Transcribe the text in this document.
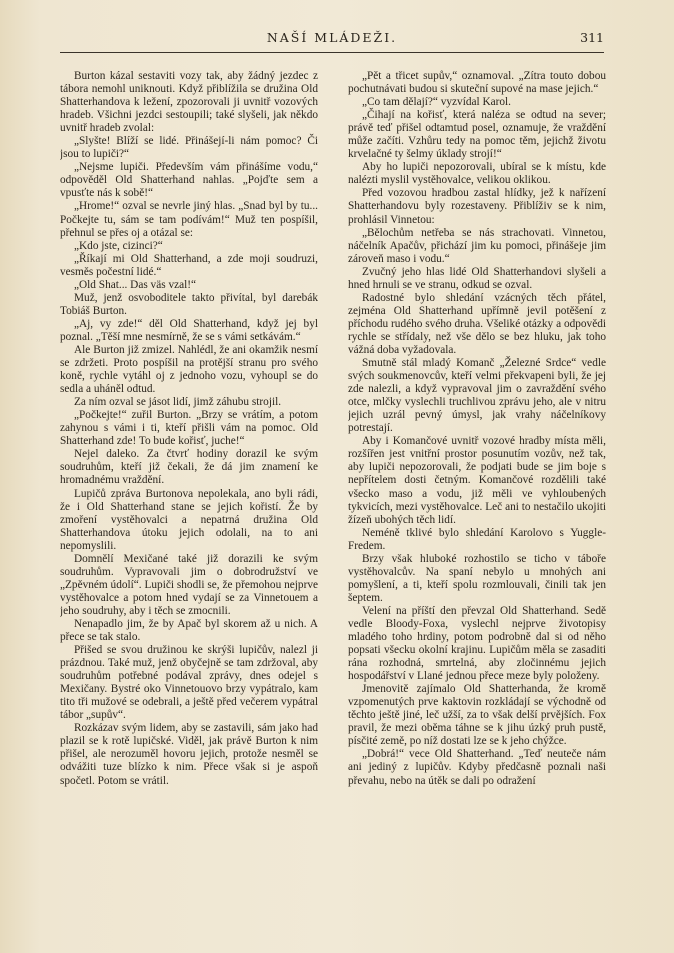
NAŠÍ MLÁDEŽI.	311

Burton kázal sestaviti vozy tak, aby žádný jezdec z tábora nemohl uniknouti. Když přiblížila se družina Old Shatterhandova k ležení, zpozorovali ji uvnitř vozových hradeb. Všichni jezdci sestoupili; také slyšeli, jak někdo uvnitř hradeb zvolal:

„Slyšte! Blíží se lidé. Přinášejí-li nám pomoc? Či jsou to lupiči?“

„Nejsme lupiči. Především vám přinášíme vodu,“ odpověděl Old Shatterhand nahlas. „Pojďte sem a vpusťte nás k sobě!“

„Hrome!“ ozval se nevrle jiný hlas. „Snad byl by tu... Počkejte tu, sám se tam podívám!“ Muž ten pospíšil, přehnul se přes oj a otázal se:

„Kdo jste, cizinci?“

„Říkají mi Old Shatterhand, a zde moji soudruzi, vesměs počestní lidé.“

„Old Shat... Das väs vzal!“

Muž, jenž osvoboditele takto přivítal, byl darebák Tobiáš Burton.

„Aj, vy zde!“ děl Old Shatterhand, když jej byl poznal. „Těší mne nesmírně, že se s vámi setkávám.“

Ale Burton již zmizel. Nahlédl, že ani okamžik nesmí se zdržeti. Proto pospíšil na protější stranu pro svého koně, rychle vytáhl oj z jednoho vozu, vyhoupl se do sedla a uháněl odtud.

Za ním ozval se jásot lidí, jimž záhubu strojil.

„Počkejte!“ zuřil Burton. „Brzy se vrátím, a potom zahynou s vámi i ti, kteří přišli vám na pomoc. Old Shatterhand zde! To bude kořisť, juche!“

Nejel daleko. Za čtvrť hodiny dorazil ke svým soudruhům, kteří již čekali, že dá jim znamení ke hromadnému vraždění.

Lupičů zpráva Burtonova nepolekala, ano byli rádi, že i Old Shatterhand stane se jejich kořistí. Že by zmoření vystěhovalci a nepatrná družina Old Shatterhandova útoku jejich odolali, na to ani nepomyslili.

Domnělí Mexičané také již dorazili ke svým soudruhům. Vypravovali jim o dobrodružství ve „Zpěvném údolí“. Lupiči shodli se, že přemohou nejprve vystěhovalce a potom hned vydají se za Vinnetouem a jeho soudruhy, aby i těch se zmocnili.

Nenapadlo jim, že by Apač byl skorem až u nich. A přece se tak stalo.

Přišed se svou družinou ke skrýši lupičův, nalezl ji prázdnou. Také muž, jenž obyčejně se tam zdržoval, aby soudruhům potřebné podával zprávy, dnes odejel s Mexičany. Bystré oko Vinnetouovo brzy vypátralo, kam tito tři mužové se odebrali, a ještě před večerem vypátral tábor „supův“.

Rozkázav svým lidem, aby se zastavili, sám jako had plazil se k rotě lupičské. Viděl, jak právě Burton k nim přišel, ale nerozuměl hovoru jejich, protože nesměl se odvážiti tuze blízko k nim. Přece však si je aspoň spočetl. Potom se vrátil.

„Pět a třicet supův,“ oznamoval. „Zítra touto dobou pochutnávati budou si skuteční supové na mase jejich.“

„Co tam dělají?“ vyzvídal Karol.

„Čihají na kořisť, která naléza se odtud na sever; právě teď přišel odtamtud posel, oznamuje, že vraždění může začíti. Vzhůru tedy na pomoc těm, jejichž životu krvelačné ty šelmy úklady strojí!“

Aby ho lupiči nepozorovali, ubíral se k místu, kde nalézti myslil vystěhovalce, velikou oklikou.

Před vozovou hradbou zastal hlídky, jež k nařízení Shatterhandovu byly rozestaveny. Přiblíživ se k nim, prohlásil Vinnetou:

„Bělochům netřeba se nás strachovati. Vinnetou, náčelník Apačův, přichází jim ku pomoci, přinášeje jim zároveň maso i vodu.“

Zvučný jeho hlas lidé Old Shatterhandovi slyšeli a hned hrnuli se ve stranu, odkud se ozval.

Radostné bylo shledání vzácných těch přátel, zejména Old Shatterhand upřímně jevil potěšení z příchodu rudého svého druha. Všeliké otázky a odpovědi rychle se střídaly, než vše dělo se bez hluku, jak toho vážná doba vyžadovala.

Smutně stál mladý Komanč „Železné Srdce“ vedle svých soukmenovcův, kteří velmi překvapeni byli, že jej zde nalezli, a když vypravoval jim o zavraždění svého otce, mlčky vyslechli truchlivou zprávu jeho, ale v nitru jejich uzrál pevný úmysl, jak vrahy náčelníkovy potrestají.

Aby i Komančové uvnitř vozové hradby místa měli, rozšířen jest vnitřní prostor posunutím vozův, než tak, aby lupiči nepozorovali, že podjati bude se jim boje s nepřítelem dosti četným. Komančové rozdělili také všecko maso a vodu, již měli ve vyhloubených tykvicích, mezi vystěhovalce. Leč ani to nestačilo ukojiti žízeň ubohých těch lidí.

Neméně tklivé bylo shledání Karolovo s Yuggle-Fredem.

Brzy však hluboké rozhostilo se ticho v táboře vystěhovalcův. Na spaní nebylo u mnohých ani pomyšlení, a ti, kteří spolu rozmlouvali, činili tak jen šeptem.

Velení na příští den převzal Old Shatterhand. Sedě vedle Bloody-Foxa, vyslechl nejprve životopisy mladého toho hrdiny, potom podrobně dal si od něho popsati všecku okolní krajinu. Lupičům měla se zasaditi rána rozhodná, smrtelná, aby zločinnému jejich hospodářství v Llané jednou přece meze byly položeny.

Jmenovitě zajímalo Old Shatterhanda, že kromě vzpomenutých prve kaktovin rozkládají se východně od těchto ještě jiné, leč užší, za to však delší prvějších. Fox pravil, že mezi oběma táhne se k jihu úzký pruh pustě, písčité země, po níž dostati lze se k jeho chýžce.

„Dobrá!“ vece Old Shatterhand. „Teď neuteče nám ani jediný z lupičův. Kdyby předčasně poznali naši převahu, nebo na útěk se dali po odražení
